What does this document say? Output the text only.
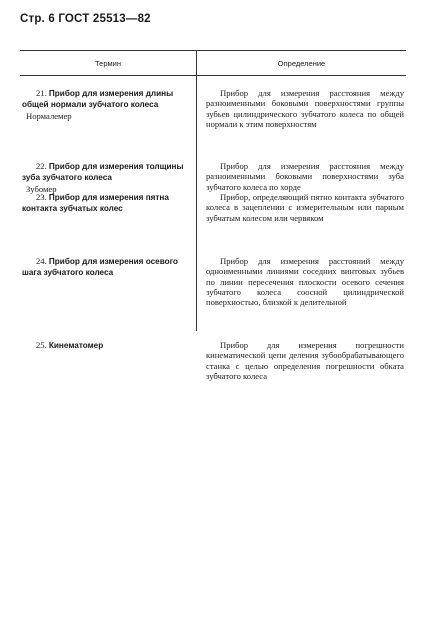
Стр. 6 ГОСТ 25513—82
Термин	Определение
21. Прибор для измерения длины общей нормали зубчатого колеса
Нормалемер
Прибор для измерения расстояния между разноименными боковыми поверхностями группы зубьев цилиндрического зубчатого колеса по общей нормали к этим поверхностям
22. Прибор для измерения толщины зуба зубчатого колеса
Зубомер
Прибор для измерения расстояния между разноименными боковыми поверхностями зуба зубчатого колеса по хорде
23. Прибор для измерения пятна контакта зубчатых колес
Прибор, определяющий пятно контакта зубчатого колеса в зацеплении с измерительным или парным зубчатым колесом или червяком
24. Прибор для измерения осевого шага зубчатого колеса
Прибор для измерения расстояний между одноименными линиями соседних винтовых зубьев по линии пересечения плоскости осевого сечения зубчатого колеса соосной цилиндрической поверхностью, близкой к делительной
25. Кинематомер	Прибор для измерения погрешности кинематической цепи деления зубообрабатывающего станка с целью определения погрешности обката зубчатого колеса
